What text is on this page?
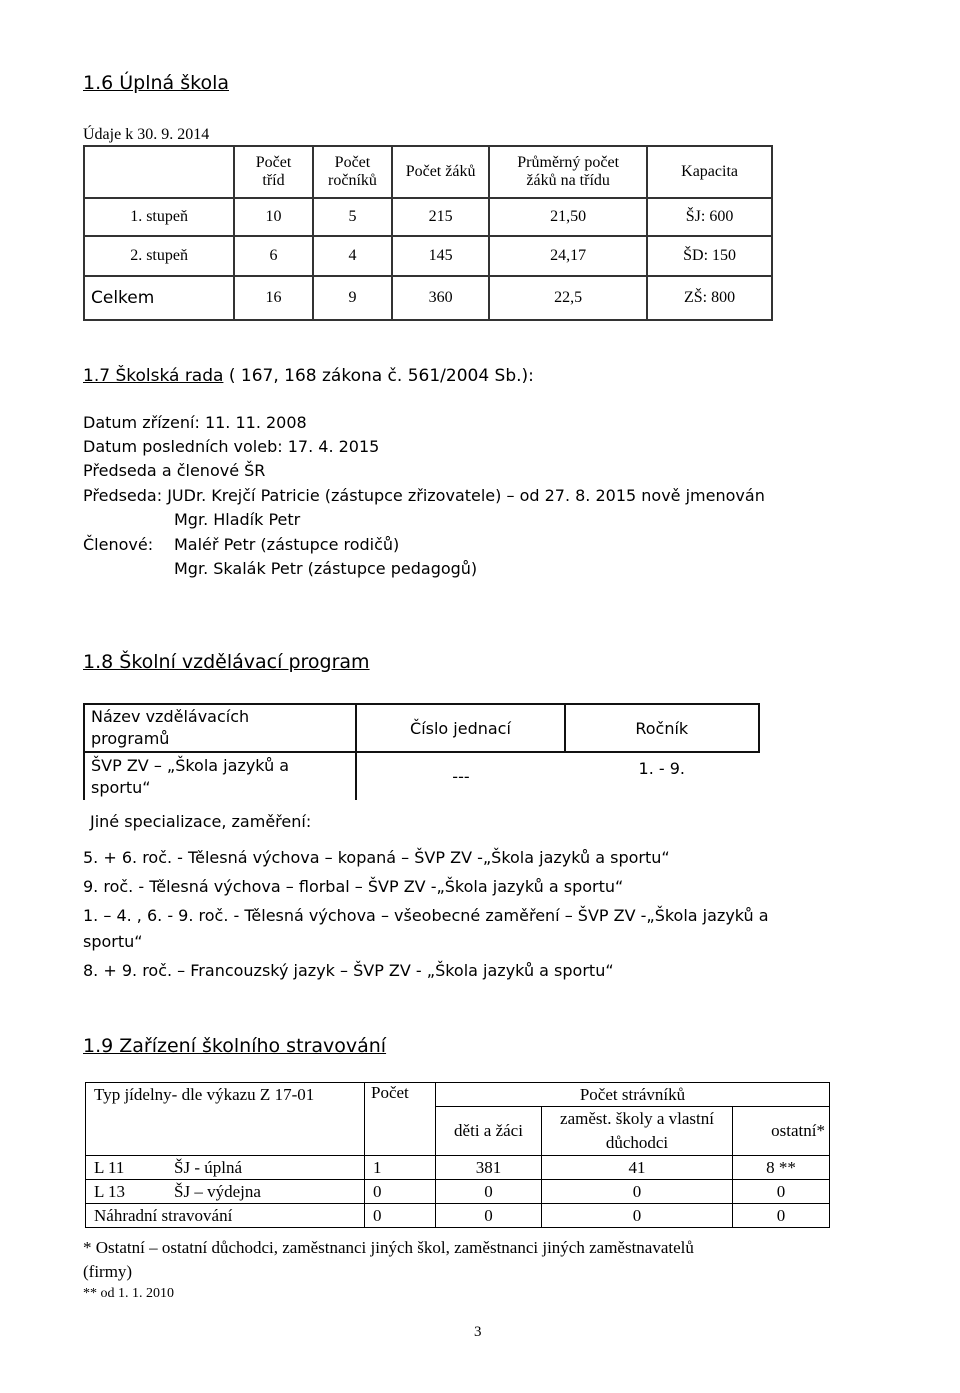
1.6 Úplná škola
Údaje k 30. 9. 2014

	Počet tříd	Počet ročníků	Počet žáků	Průměrný počet žáků na třídu	Kapacita
1. stupeň	10	5	215	21,50	ŠJ: 600
2. stupeň	6	4	145	24,17	ŠD: 150
Celkem	16	9	360	22,5	ZŠ: 800
1.7 Školská rada ( 167, 168 zákona č. 561/2004 Sb.):
Datum zřízení: 11. 11. 2008
Datum posledních voleb: 17. 4. 2015
Předseda a členové ŠR
Předseda: JUDr. Krejčí Patricie (zástupce zřizovatele) – od 27. 8. 2015 nově jmenován
Mgr. Hladík Petr
Členové: Maléř Petr (zástupce rodičů)
Mgr. Skalák Petr (zástupce pedagogů)
1.8 Školní vzdělávací program
Název vzdělávacích programů	Číslo jednací	Ročník

ŠVP ZV – „Škola jazyků a sportu“	---	1. - 9.
Jiné specializace, zaměření:
5. + 6. roč. - Tělesná výchova – kopaná – ŠVP ZV -„Škola jazyků a sportu“
9. roč. - Tělesná výchova – florbal – ŠVP ZV -„Škola jazyků a sportu“
1. – 4. , 6. - 9. roč. - Tělesná výchova – všeobecné zaměření – ŠVP ZV -„Škola jazyků a
sportu“
8. + 9. roč. – Francouzský jazyk – ŠVP ZV - „Škola jazyků a sportu“
1.9 Zařízení školního stravování
Typ jídelny- dle výkazu Z 17-01		Počet	Počet strávníků		

			děti a žáci	zaměst. školy a vlastní důchodci	ostatní*
L 11	ŠJ - úplná	1	381	41	8 **
L 13	ŠJ – výdejna	0	0	0	0
Náhradní stravování		0	0	0	0
* Ostatní – ostatní důchodci, zaměstnanci jiných škol, zaměstnanci jiných zaměstnavatelů
(firmy)
** od 1. 1. 2010
3
